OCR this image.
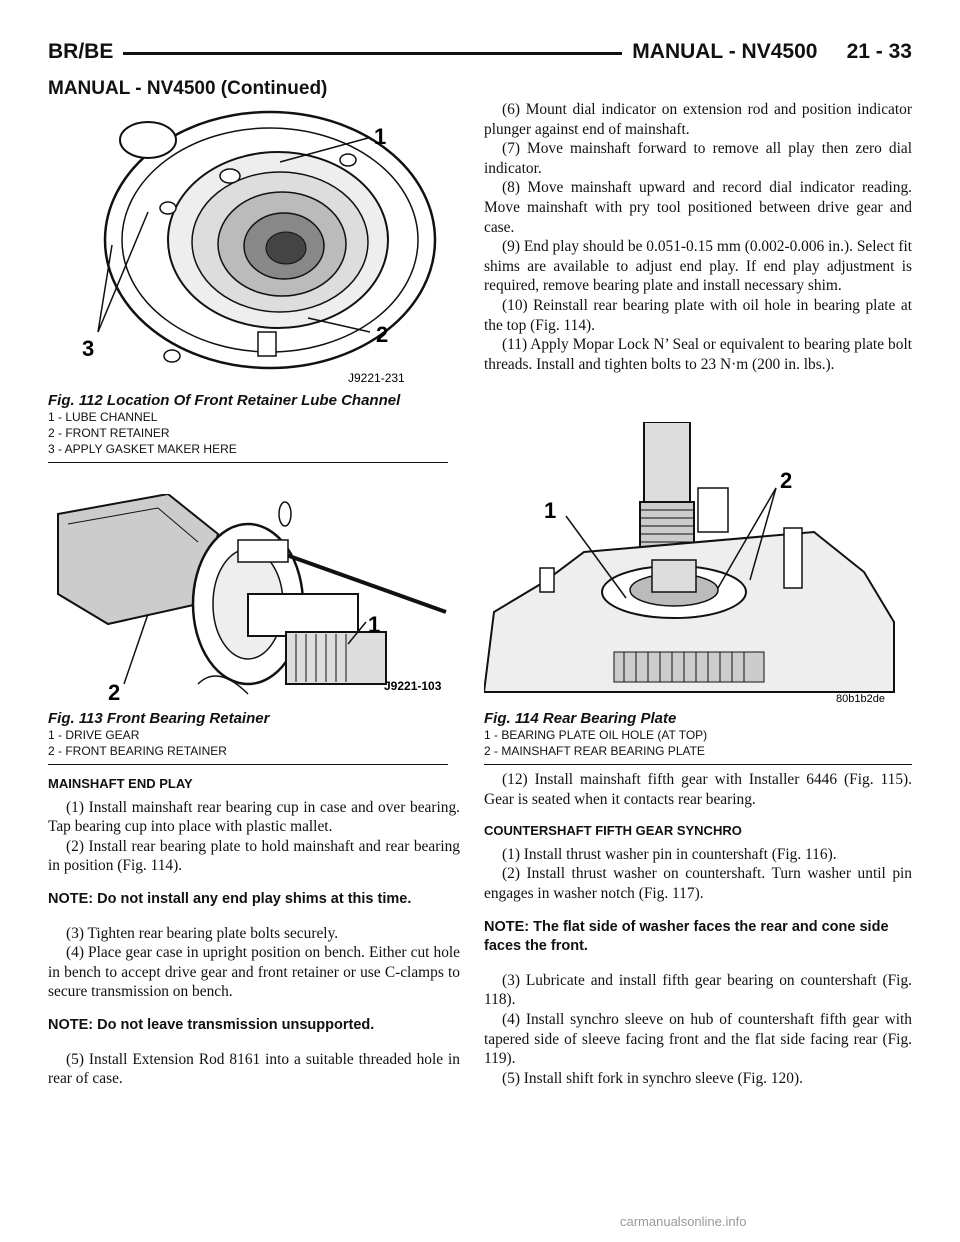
BR/BE	MANUAL - NV4500     21 - 33
MANUAL - NV4500 (Continued)
1
2
3
J9221-231
Fig. 112 Location Of Front Retainer Lube Channel
1 - LUBE CHANNEL
2 - FRONT RETAINER
3 - APPLY GASKET MAKER HERE
1
2	J9221-103
Fig. 113 Front Bearing Retainer
1 - DRIVE GEAR
2 - FRONT BEARING RETAINER

(6) Mount dial indicator on extension rod and position indicator plunger against end of mainshaft.

(7) Move mainshaft forward to remove all play then zero dial indicator.

(8) Move mainshaft upward and record dial indicator reading. Move mainshaft with pry tool positioned between drive gear and case.

(9) End play should be 0.051-0.15 mm (0.002-0.006 in.). Select fit shims are available to adjust end play. If end play adjustment is required, remove bearing plate and install necessary shim.

(10) Reinstall rear bearing plate with oil hole in bearing plate at the top (Fig. 114).

(11) Apply Mopar Lock N’ Seal or equivalent to bearing plate bolt threads. Install and tighten bolts to 23 N·m (200 in. lbs.).

1
2
80b1b2de
Fig. 114 Rear Bearing Plate
1 - BEARING PLATE OIL HOLE (AT TOP)
2 - MAINSHAFT REAR BEARING PLATE
MAINSHAFT END PLAY

(1) Install mainshaft rear bearing cup in case and over bearing. Tap bearing cup into place with plastic mallet.

(2) Install rear bearing plate to hold mainshaft and rear bearing in position (Fig. 114).

NOTE: Do not install any end play shims at this time.

(3) Tighten rear bearing plate bolts securely.

(4) Place gear case in upright position on bench. Either cut hole in bench to accept drive gear and front retainer or use C-clamps to secure transmission on bench.

NOTE: Do not leave transmission unsupported.

(5) Install Extension Rod 8161 into a suitable threaded hole in rear of case.

(12) Install mainshaft fifth gear with Installer 6446 (Fig. 115). Gear is seated when it contacts rear bearing.

COUNTERSHAFT FIFTH GEAR SYNCHRO

(1) Install thrust washer pin in countershaft (Fig. 116).

(2) Install thrust washer on countershaft. Turn washer until pin engages in washer notch (Fig. 117).

NOTE: The flat side of washer faces the rear and cone side faces the front.

(3) Lubricate and install fifth gear bearing on countershaft (Fig. 118).

(4) Install synchro sleeve on hub of countershaft fifth gear with tapered side of sleeve facing front and the flat side facing rear (Fig. 119).

(5) Install shift fork in synchro sleeve (Fig. 120).

carmanualsonline.info
